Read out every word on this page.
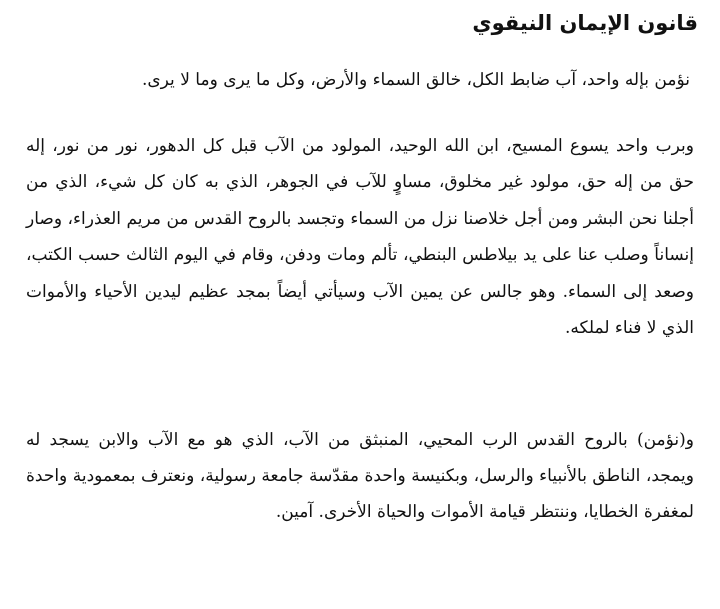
قانون الإيمان النيقوي

نؤمن بإله واحد، آب ضابط الكل، خالق السماء والأرض، وكل ما يرى وما لا يرى.

وبرب واحد يسوع المسيح، ابن الله الوحيد، المولود من الآب قبل كل الدهور، نور من نور، إله حق من إله حق، مولود غير مخلوق، مساوٍ للآب في الجوهر، الذي به كان كل شيء، الذي من أجلنا نحن البشر ومن أجل خلاصنا نزل من السماء وتجسد بالروح القدس من مريم العذراء، وصار إنساناً وصلب عنا على يد بيلاطس البنطي، تألم ومات ودفن، وقام في اليوم الثالث حسب الكتب، وصعد إلى السماء. وهو جالس عن يمين الآب وسيأتي أيضاً بمجد عظيم ليدين الأحياء والأموات الذي لا فناء لملكه.

و(نؤمن) بالروح القدس الرب المحيي، المنبثق من الآب، الذي هو مع الآب والابن يسجد له ويمجد، الناطق بالأنبياء والرسل، وبكنيسة واحدة مقدّسة جامعة رسولية، ونعترف بمعمودية واحدة لمغفرة الخطايا، وننتظر قيامة الأموات والحياة الأخرى. آمين.
